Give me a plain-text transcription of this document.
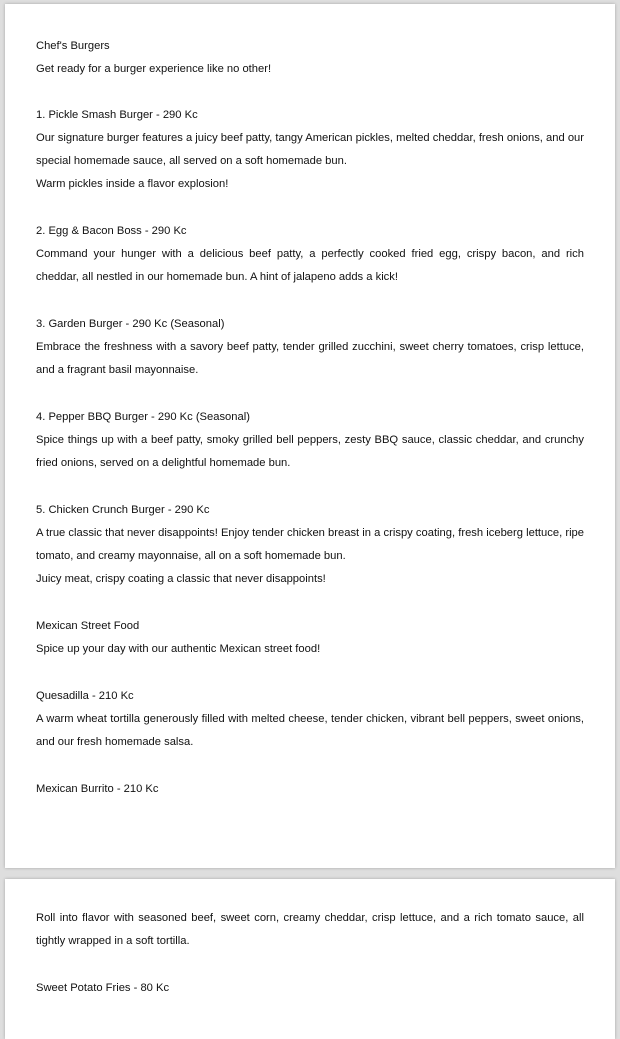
Chef's Burgers

Get ready for a burger experience like no other!

1. Pickle Smash Burger - 290 Kc

Our signature burger features a juicy beef patty, tangy American pickles, melted cheddar, fresh onions, and our special homemade sauce, all served on a soft homemade bun.

Warm pickles inside a flavor explosion!

2. Egg & Bacon Boss - 290 Kc

Command your hunger with a delicious beef patty, a perfectly cooked fried egg, crispy bacon, and rich cheddar, all nestled in our homemade bun. A hint of jalapeno adds a kick!

3. Garden Burger - 290 Kc (Seasonal)

Embrace the freshness with a savory beef patty, tender grilled zucchini, sweet cherry tomatoes, crisp lettuce, and a fragrant basil mayonnaise.

4. Pepper BBQ Burger - 290 Kc (Seasonal)

Spice things up with a beef patty, smoky grilled bell peppers, zesty BBQ sauce, classic cheddar, and crunchy fried onions, served on a delightful homemade bun.

5. Chicken Crunch Burger - 290 Kc

A true classic that never disappoints! Enjoy tender chicken breast in a crispy coating, fresh iceberg lettuce, ripe tomato, and creamy mayonnaise, all on a soft homemade bun.

Juicy meat, crispy coating a classic that never disappoints!

Mexican Street Food

Spice up your day with our authentic Mexican street food!

Quesadilla - 210 Kc

A warm wheat tortilla generously filled with melted cheese, tender chicken, vibrant bell peppers, sweet onions, and our fresh homemade salsa.

Mexican Burrito - 210 Kc

Roll into flavor with seasoned beef, sweet corn, creamy cheddar, crisp lettuce, and a rich tomato sauce, all tightly wrapped in a soft tortilla.

Sweet Potato Fries - 80 Kc
